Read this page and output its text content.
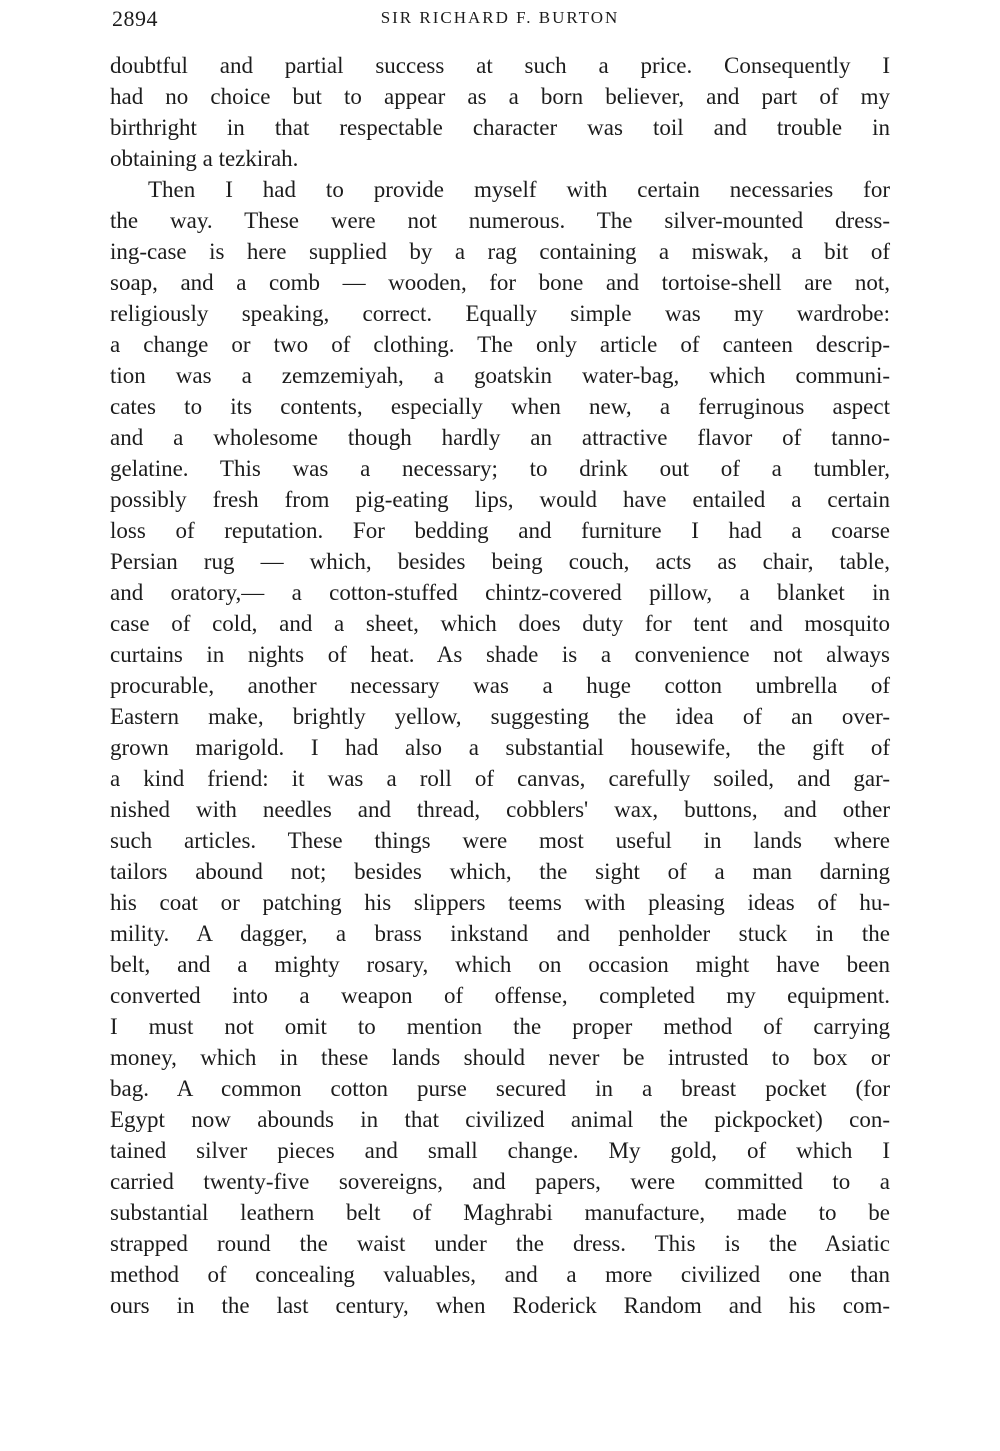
2894	SIR RICHARD F. BURTON
doubtful and partial success at such a price. Consequently I
had no choice but to appear as a born believer, and part of my
birthright in that respectable character was toil and trouble in
obtaining a tezkirah.
Then I had to provide myself with certain necessaries for
the way. These were not numerous. The silver-mounted dress-
ing-case is here supplied by a rag containing a miswak, a bit of
soap, and a comb — wooden, for bone and tortoise-shell are not,
religiously speaking, correct. Equally simple was my wardrobe:
a change or two of clothing. The only article of canteen descrip-
tion was a zemzemiyah, a goatskin water-bag, which communi-
cates to its contents, especially when new, a ferruginous aspect
and a wholesome though hardly an attractive flavor of tanno-
gelatine. This was a necessary; to drink out of a tumbler,
possibly fresh from pig-eating lips, would have entailed a certain
loss of reputation. For bedding and furniture I had a coarse
Persian rug — which, besides being couch, acts as chair, table,
and oratory,— a cotton-stuffed chintz-covered pillow, a blanket in
case of cold, and a sheet, which does duty for tent and mosquito
curtains in nights of heat. As shade is a convenience not always
procurable, another necessary was a huge cotton umbrella of
Eastern make, brightly yellow, suggesting the idea of an over-
grown marigold. I had also a substantial housewife, the gift of
a kind friend: it was a roll of canvas, carefully soiled, and gar-
nished with needles and thread, cobblers' wax, buttons, and other
such articles. These things were most useful in lands where
tailors abound not; besides which, the sight of a man darning
his coat or patching his slippers teems with pleasing ideas of hu-
mility. A dagger, a brass inkstand and penholder stuck in the
belt, and a mighty rosary, which on occasion might have been
converted into a weapon of offense, completed my equipment.
I must not omit to mention the proper method of carrying
money, which in these lands should never be intrusted to box or
bag. A common cotton purse secured in a breast pocket (for
Egypt now abounds in that civilized animal the pickpocket) con-
tained silver pieces and small change. My gold, of which I
carried twenty-five sovereigns, and papers, were committed to a
substantial leathern belt of Maghrabi manufacture, made to be
strapped round the waist under the dress. This is the Asiatic
method of concealing valuables, and a more civilized one than
ours in the last century, when Roderick Random and his com-
